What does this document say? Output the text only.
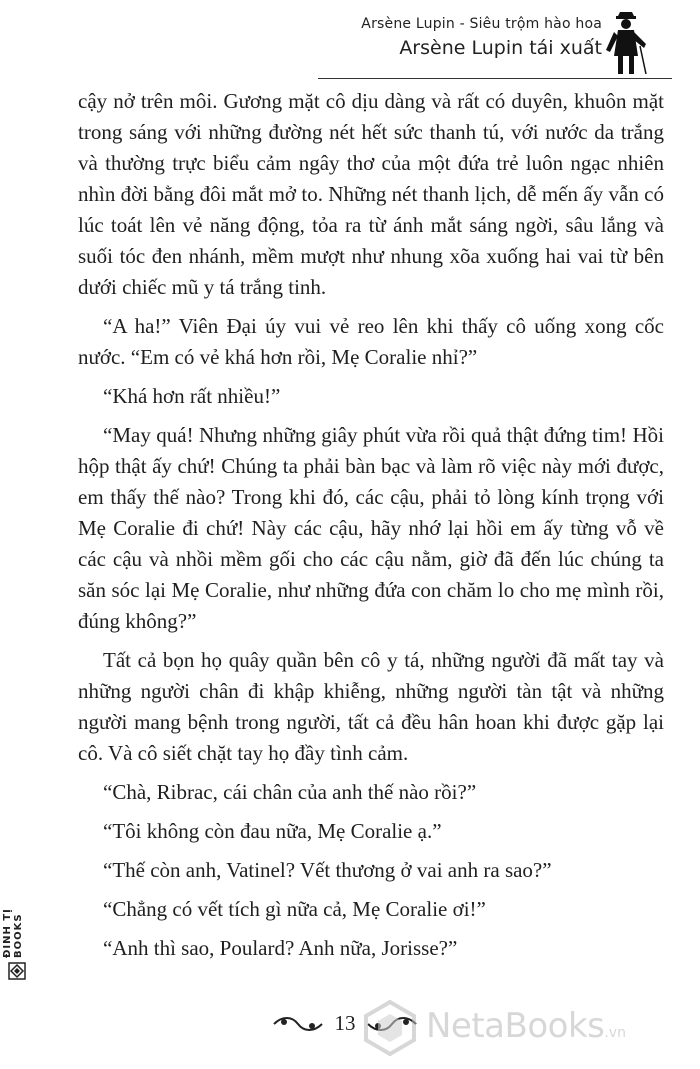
Arsène Lupin - Siêu trộm hào hoa
Arsène Lupin tái xuất

cậy nở trên môi. Gương mặt cô dịu dàng và rất có duyên, khuôn mặt trong sáng với những đường nét hết sức thanh tú, với nước da trắng và thường trực biểu cảm ngây thơ của một đứa trẻ luôn ngạc nhiên nhìn đời bằng đôi mắt mở to. Những nét thanh lịch, dễ mến ấy vẫn có lúc toát lên vẻ năng động, tỏa ra từ ánh mắt sáng ngời, sâu lắng và suối tóc đen nhánh, mềm mượt như nhung xõa xuống hai vai từ bên dưới chiếc mũ y tá trắng tinh.

“A ha!” Viên Đại úy vui vẻ reo lên khi thấy cô uống xong cốc nước. “Em có vẻ khá hơn rồi, Mẹ Coralie nhỉ?”

“Khá hơn rất nhiều!”

“May quá! Nhưng những giây phút vừa rồi quả thật đứng tim! Hồi hộp thật ấy chứ! Chúng ta phải bàn bạc và làm rõ việc này mới được, em thấy thế nào? Trong khi đó, các cậu, phải tỏ lòng kính trọng với Mẹ Coralie đi chứ! Này các cậu, hãy nhớ lại hồi em ấy từng vỗ về các cậu và nhồi mềm gối cho các cậu nằm, giờ đã đến lúc chúng ta săn sóc lại Mẹ Coralie, như những đứa con chăm lo cho mẹ mình rồi, đúng không?”

Tất cả bọn họ quây quần bên cô y tá, những người đã mất tay và những người chân đi khập khiễng, những người tàn tật và những người mang bệnh trong người, tất cả đều hân hoan khi được gặp lại cô. Và cô siết chặt tay họ đầy tình cảm.

“Chà, Ribrac, cái chân của anh thế nào rồi?”

“Tôi không còn đau nữa, Mẹ Coralie ạ.”

“Thế còn anh, Vatinel? Vết thương ở vai anh ra sao?”

“Chẳng có vết tích gì nữa cả, Mẹ Coralie ơi!”

“Anh thì sao, Poulard? Anh nữa, Jorisse?”

ĐINH TỊ BOOKS
13 NetaBooks.vn
